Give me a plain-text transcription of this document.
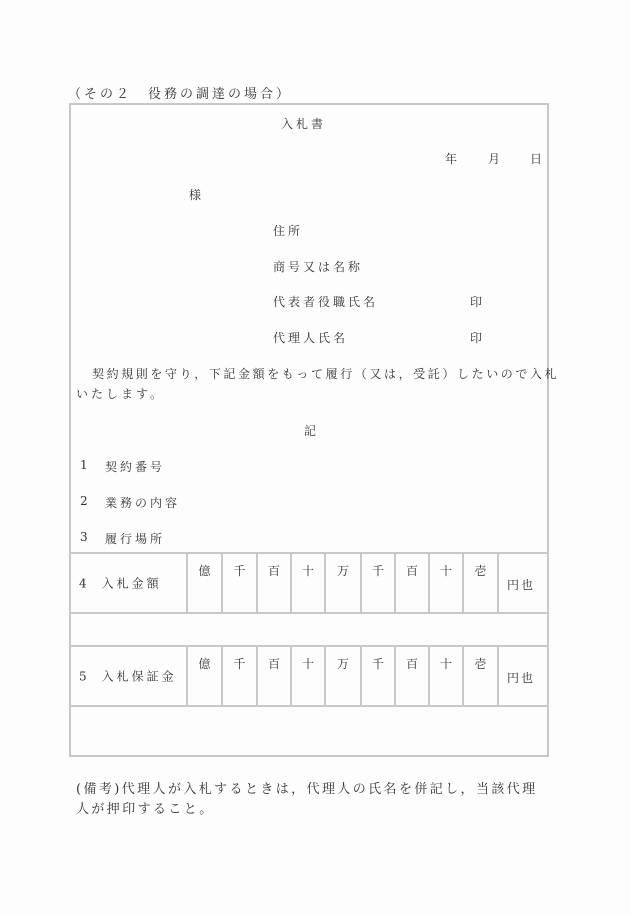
（その２　役務の調達の場合）
入札書
年	月 日
様
住所
商号又は名称
代表者役職氏名	印
代理人氏名	印
契約規則を守り，下記金額をもって履行（又は，受託）したいので入札
いたします。
記
1 契約番号
2 業務の内容
3 履行場所
4 入札金額
億	千	百	十	万	千	百	十	壱
円也
5 入札保証金
億	千	百	十	万	千	百	十	壱
円也
(備考)代理人が入札するときは，代理人の氏名を併記し，当該代理
人が押印すること。
